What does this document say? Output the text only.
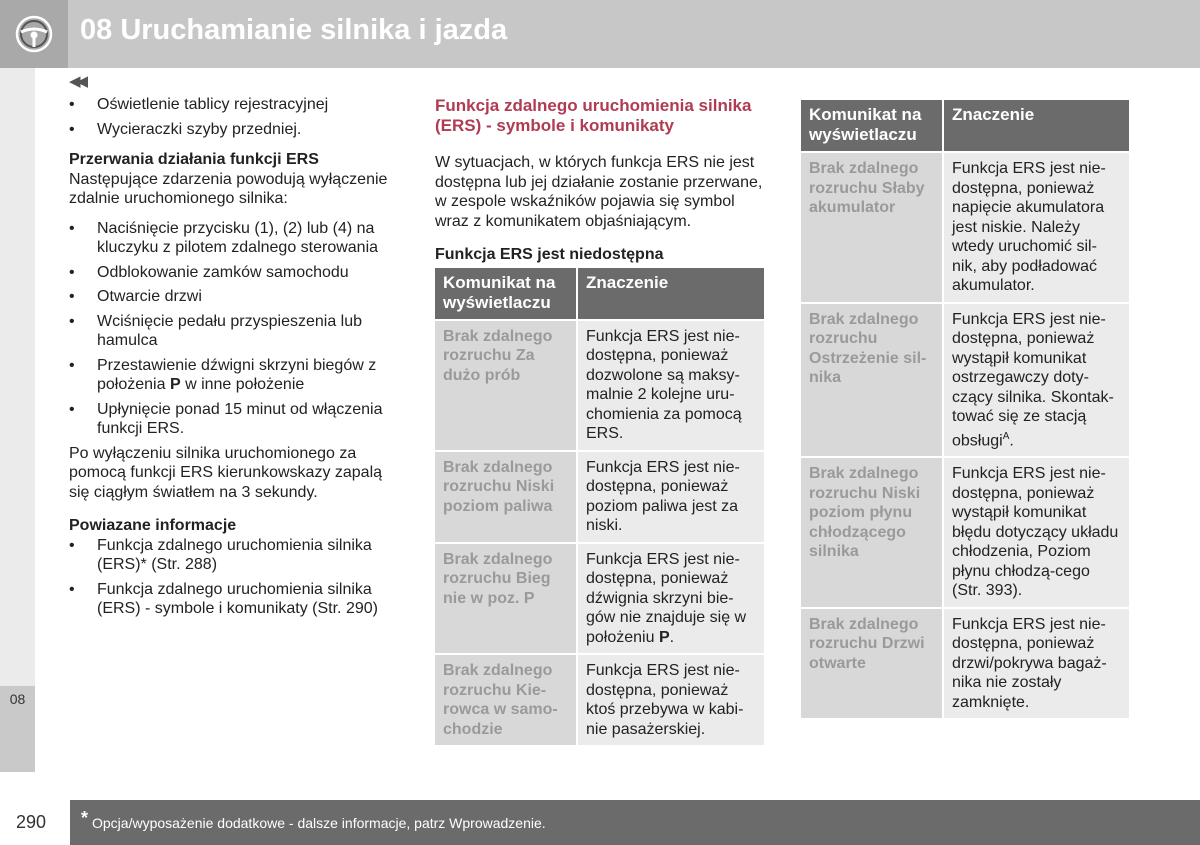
08
08 Uruchamianie silnika i jazda
◀◀
• Oświetlenie tablicy rejestracyjnej
• Wycieraczki szyby przedniej.
Przerwania działania funkcji ERS
Następujące zdarzenia powodują wyłączenie zdalnie uruchomionego silnika:
• Naciśnięcie przycisku (1), (2) lub (4) na kluczyku z pilotem zdalnego sterowania
• Odblokowanie zamków samochodu
• Otwarcie drzwi
• Wciśnięcie pedału przyspieszenia lub hamulca
• Przestawienie dźwigni skrzyni biegów z położenia P w inne położenie
• Upłynięcie ponad 15 minut od włączenia funkcji ERS.
Po wyłączeniu silnika uruchomionego za pomocą funkcji ERS kierunkowskazy zapalą się ciągłym światłem na 3 sekundy.
Powiazane informacje
• Funkcja zdalnego uruchomienia silnika (ERS)* (Str. 288)
• Funkcja zdalnego uruchomienia silnika (ERS) - symbole i komunikaty (Str. 290)
Funkcja zdalnego uruchomienia silnika (ERS) - symbole i komunikaty
W sytuacjach, w których funkcja ERS nie jest dostępna lub jej działanie zostanie przerwane, w zespole wskaźników pojawia się symbol wraz z komunikatem objaśniającym.
Funkcja ERS jest niedostępna
Komunikat na wyświetlaczu	Znaczenie
Brak zdalnego rozruchu Za dużo prób	Funkcja ERS jest nie-dostępna, ponieważ dozwolone są maksy-malnie 2 kolejne uru-chomienia za pomocą ERS.
Brak zdalnego rozruchu Niski poziom paliwa	Funkcja ERS jest nie-dostępna, ponieważ poziom paliwa jest za niski.
Brak zdalnego rozruchu Bieg nie w poz. P	Funkcja ERS jest nie-dostępna, ponieważ dźwignia skrzyni bie-gów nie znajduje się w położeniu P.
Brak zdalnego rozruchu Kie-rowca w samo-chodzie	Funkcja ERS jest nie-dostępna, ponieważ ktoś przebywa w kabi-nie pasażerskiej.
Komunikat na wyświetlaczu	Znaczenie
Brak zdalnego rozruchu Słaby akumulator	Funkcja ERS jest nie-dostępna, ponieważ napięcie akumulatora jest niskie. Należy wtedy uruchomić sil-nik, aby podładować akumulator.
Brak zdalnego rozruchu Ostrzeżenie sil-nika	Funkcja ERS jest nie-dostępna, ponieważ wystąpił komunikat ostrzegawczy doty-czący silnika. Skontak-tować się ze stacją obsługi$^A$.
Brak zdalnego rozruchu Niski poziom płynu chłodzącego silnika	Funkcja ERS jest nie-dostępna, ponieważ wystąpił komunikat błędu dotyczący układu chłodzenia, Poziom płynu chłodzą-cego (Str. 393).
Brak zdalnego rozruchu Drzwi otwarte	Funkcja ERS jest nie-dostępna, ponieważ drzwi/pokrywa bagaż-nika nie zostały zamknięte.
290 * Opcja/wyposażenie dodatkowe - dalsze informacje, patrz Wprowadzenie.
